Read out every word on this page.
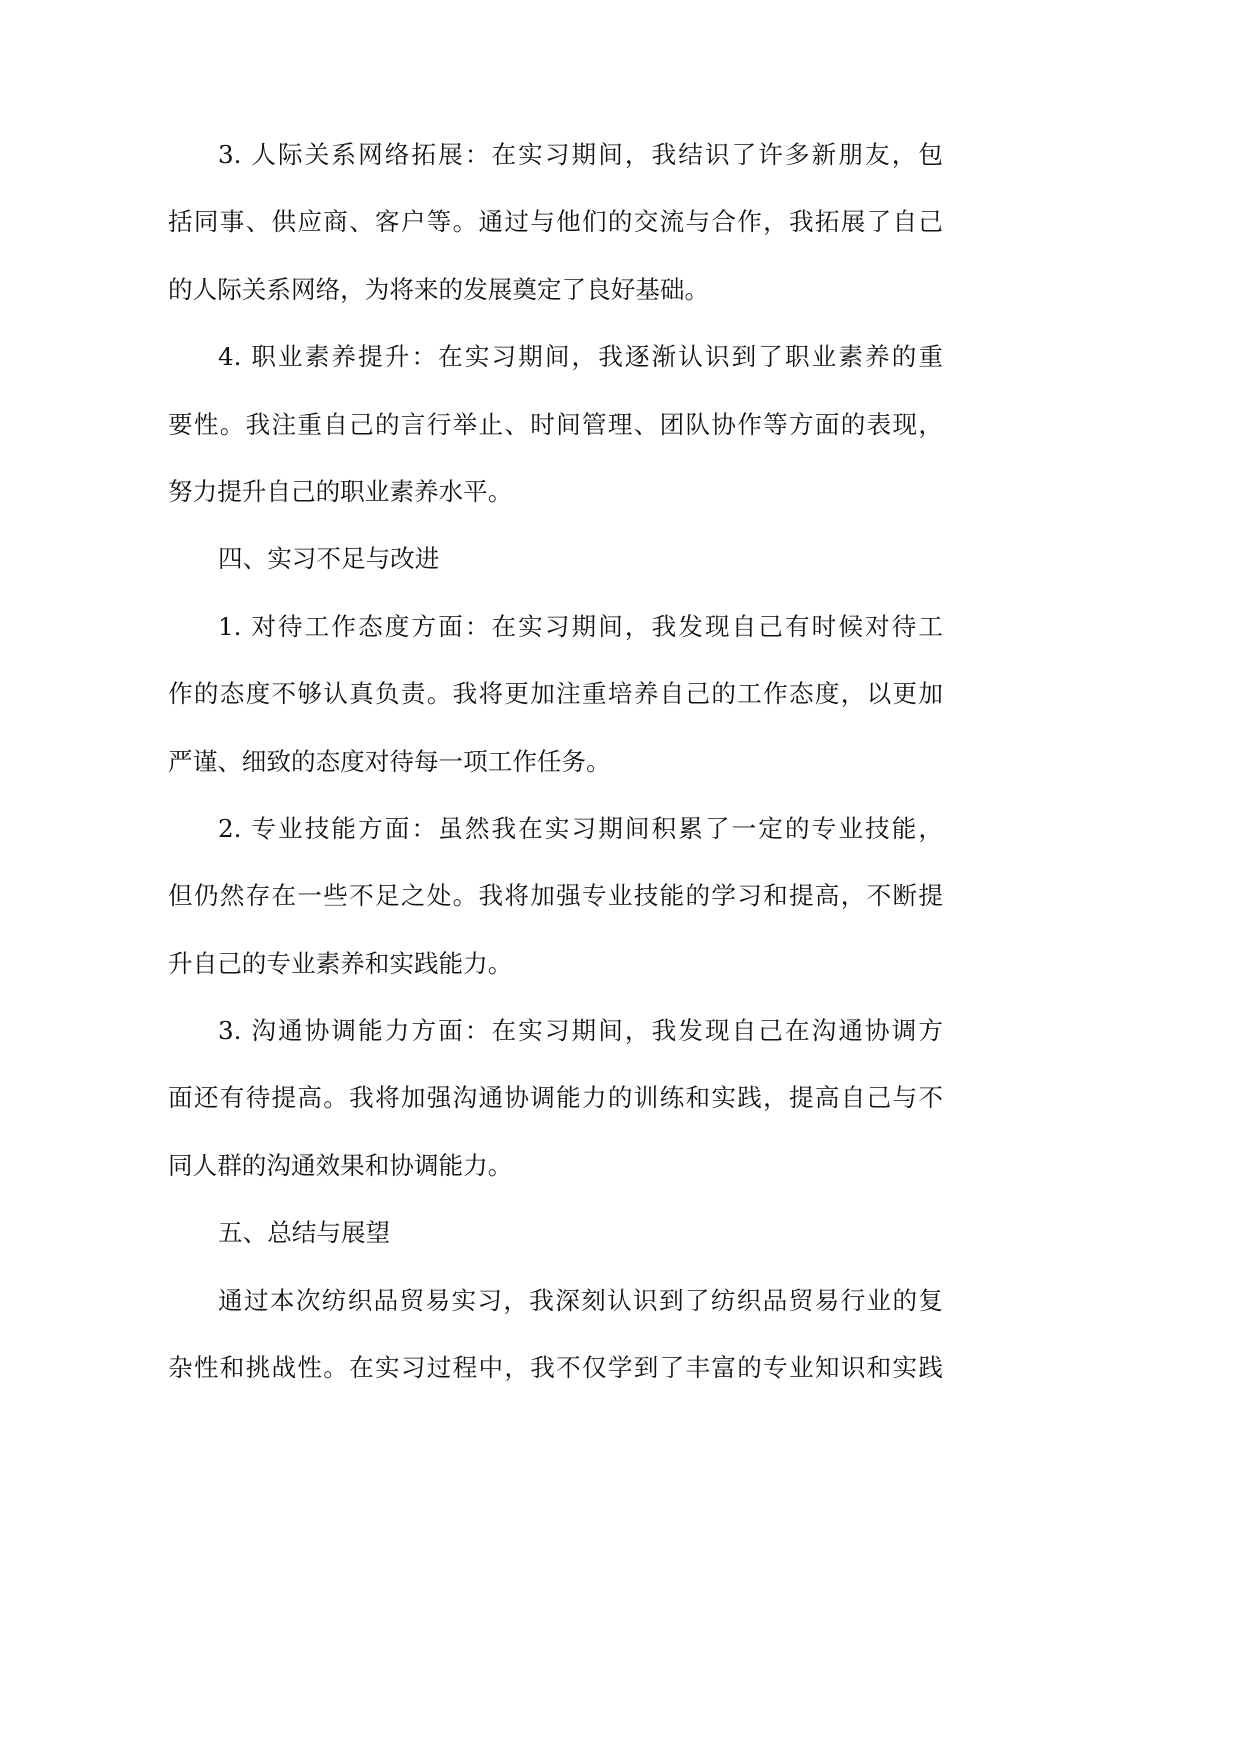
3. 人际关系网络拓展：在实习期间，我结识了许多新朋友，包
括同事、供应商、客户等。通过与他们的交流与合作，我拓展了自己
的人际关系网络，为将来的发展奠定了良好基础。
4. 职业素养提升：在实习期间，我逐渐认识到了职业素养的重
要性。我注重自己的言行举止、时间管理、团队协作等方面的表现，
努力提升自己的职业素养水平。
四、实习不足与改进
1. 对待工作态度方面：在实习期间，我发现自己有时候对待工
作的态度不够认真负责。我将更加注重培养自己的工作态度，以更加
严谨、细致的态度对待每一项工作任务。
2. 专业技能方面：虽然我在实习期间积累了一定的专业技能，
但仍然存在一些不足之处。我将加强专业技能的学习和提高，不断提
升自己的专业素养和实践能力。
3. 沟通协调能力方面：在实习期间，我发现自己在沟通协调方
面还有待提高。我将加强沟通协调能力的训练和实践，提高自己与不
同人群的沟通效果和协调能力。
五、总结与展望
通过本次纺织品贸易实习，我深刻认识到了纺织品贸易行业的复
杂性和挑战性。在实习过程中，我不仅学到了丰富的专业知识和实践
